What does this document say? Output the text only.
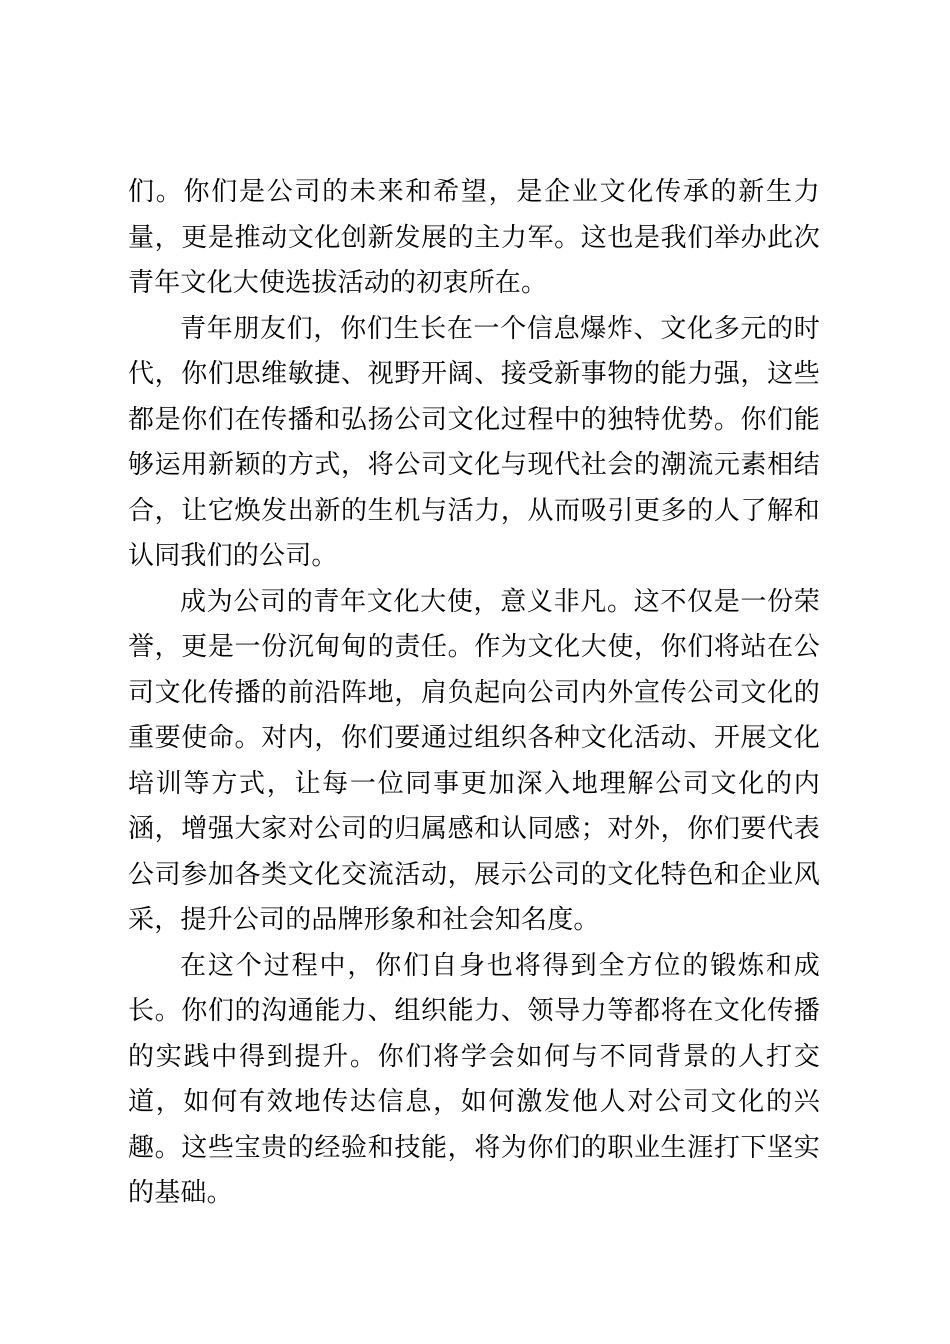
们。你们是公司的未来和希望，是企业文化传承的新生力量，更是推动文化创新发展的主力军。这也是我们举办此次青年文化大使选拔活动的初衷所在。

青年朋友们，你们生长在一个信息爆炸、文化多元的时代，你们思维敏捷、视野开阔、接受新事物的能力强，这些都是你们在传播和弘扬公司文化过程中的独特优势。你们能够运用新颖的方式，将公司文化与现代社会的潮流元素相结合，让它焕发出新的生机与活力，从而吸引更多的人了解和认同我们的公司。

成为公司的青年文化大使，意义非凡。这不仅是一份荣誉，更是一份沉甸甸的责任。作为文化大使，你们将站在公司文化传播的前沿阵地，肩负起向公司内外宣传公司文化的重要使命。对内，你们要通过组织各种文化活动、开展文化培训等方式，让每一位同事更加深入地理解公司文化的内涵，增强大家对公司的归属感和认同感；对外，你们要代表公司参加各类文化交流活动，展示公司的文化特色和企业风采，提升公司的品牌形象和社会知名度。

在这个过程中，你们自身也将得到全方位的锻炼和成长。你们的沟通能力、组织能力、领导力等都将在文化传播的实践中得到提升。你们将学会如何与不同背景的人打交道，如何有效地传达信息，如何激发他人对公司文化的兴趣。这些宝贵的经验和技能，将为你们的职业生涯打下坚实的基础。
